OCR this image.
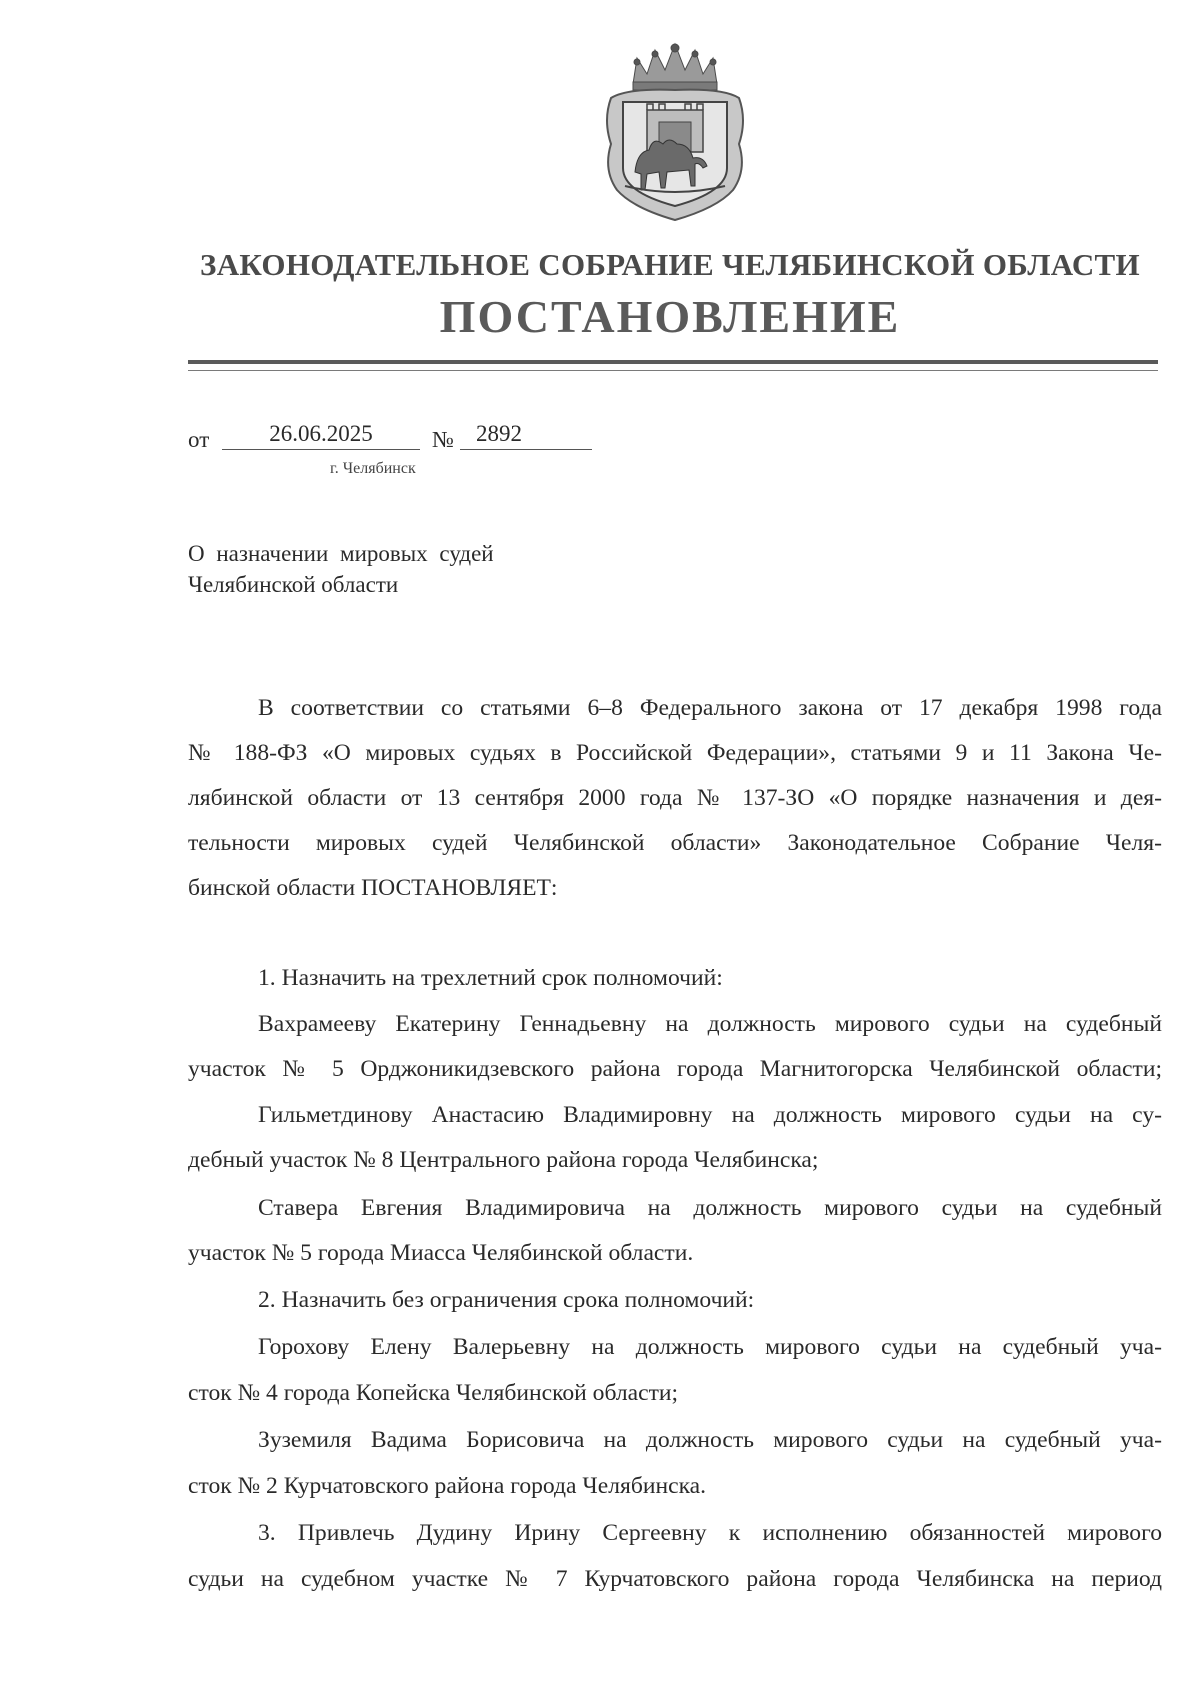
ЗАКОНОДАТЕЛЬНОЕ СОБРАНИЕ ЧЕЛЯБИНСКОЙ ОБЛАСТИ
ПОСТАНОВЛЕНИЕ
от	26.06.2025	№ 2892
г. Челябинск
О назначении мировых судей
Челябинской области
В соответствии со статьями 6–8 Федерального закона от 17 декабря 1998 года
№ 188-ФЗ «О мировых судьях в Российской Федерации», статьями 9 и 11 Закона Че-
лябинской области от 13 сентября 2000 года № 137-ЗО «О порядке назначения и дея-
тельности мировых судей Челябинской области» Законодательное Собрание Челя-
бинской области ПОСТАНОВЛЯЕТ:
1. Назначить на трехлетний срок полномочий:
Вахрамееву Екатерину Геннадьевну на должность мирового судьи на судебный
участок № 5 Орджоникидзевского района города Магнитогорска Челябинской области;
Гильметдинову Анастасию Владимировну на должность мирового судьи на су-
дебный участок № 8 Центрального района города Челябинска;
Ставера Евгения Владимировича на должность мирового судьи на судебный
участок № 5 города Миасса Челябинской области.
2. Назначить без ограничения срока полномочий:
Горохову Елену Валерьевну на должность мирового судьи на судебный уча-
сток № 4 города Копейска Челябинской области;
Зуземиля Вадима Борисовича на должность мирового судьи на судебный уча-
сток № 2 Курчатовского района города Челябинска.
3. Привлечь Дудину Ирину Сергеевну к исполнению обязанностей мирового
судьи на судебном участке № 7 Курчатовского района города Челябинска на период
